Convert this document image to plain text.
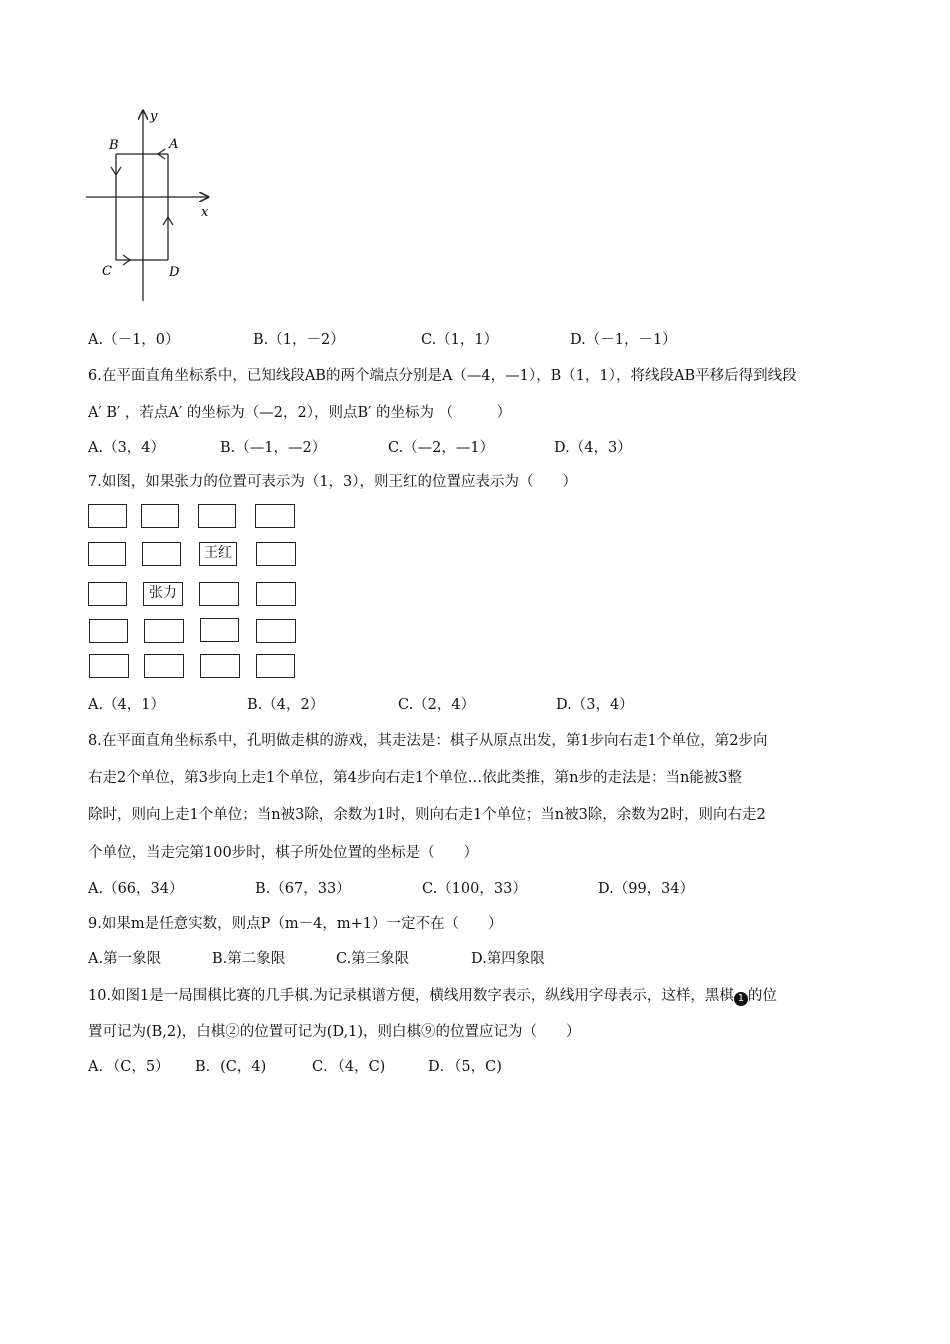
x
y
B	A
C	D
A.（－1，0）	B.（1，－2）	C.（1，1）	D.（－1，－1）
6.在平面直角坐标系中，已知线段AB的两个端点分别是A（—4，—1），B（1，1），将线段AB平移后得到线段
A′ B′ ，若点A′ 的坐标为（—2，2），则点B′ 的坐标为 （　　　）
A.（3，4）	B.（—1，—2）	C.（—2，—1）	D.（4，3）
7.如图，如果张力的位置可表示为（1，3），则王红的位置应表示为（　　）
王红
张力
A.（4，1）	B.（4，2）	C.（2，4）	D.（3，4）
8.在平面直角坐标系中，孔明做走棋的游戏，其走法是：棋子从原点出发，第1步向右走1个单位，第2步向
右走2个单位，第3步向上走1个单位，第4步向右走1个单位…依此类推，第n步的走法是：当n能被3整
除时，则向上走1个单位；当n被3除，余数为1时，则向右走1个单位；当n被3除，余数为2时，则向右走2
个单位，当走完第100步时，棋子所处位置的坐标是（　　）
A.（66，34）	B.（67，33）	C.（100，33）	D.（99，34）
9.如果m是任意实数，则点P（m－4，m+1）一定不在（　　）
A.第一象限	B.第二象限	C.第三象限	D.第四象限
10.如图1是一局围棋比赛的几手棋.为记录棋谱方便，横线用数字表示，纵线用字母表示，这样，黑棋 1 的位
置可记为(B,2)，白棋②的位置可记为(D,1)，则白棋⑨的位置应记为（　　）
A．（C，5） B．(C，4)	C．（4，C)	D．（5，C)
